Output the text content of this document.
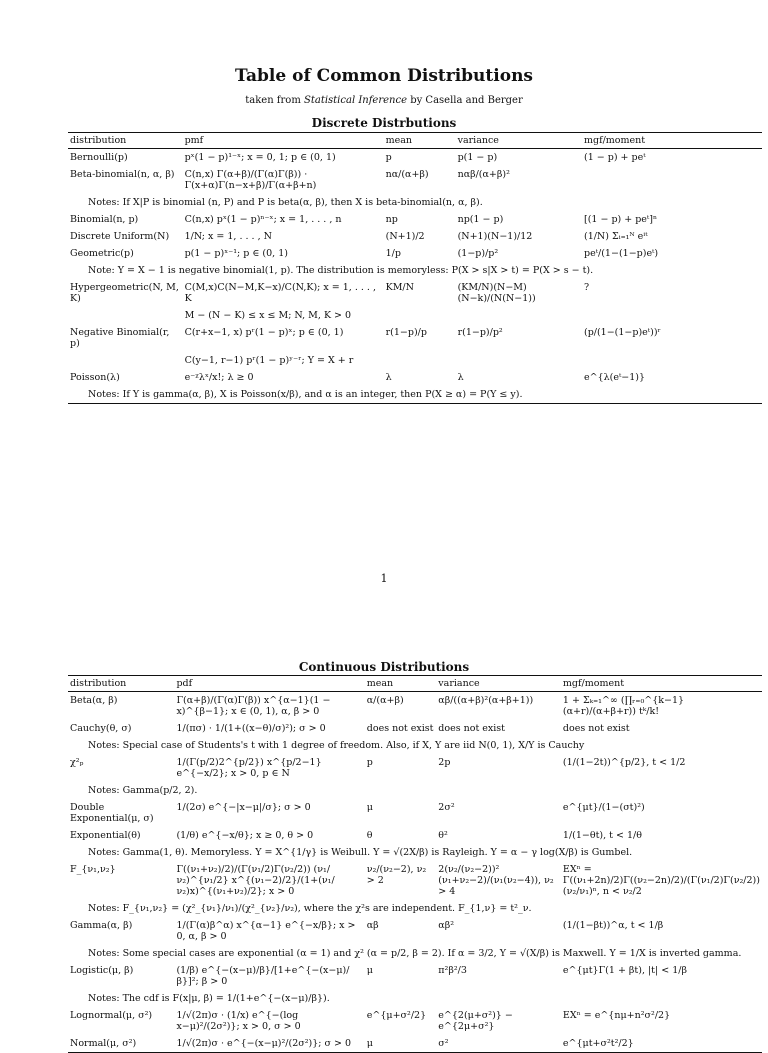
Table of Common Distributions
taken from Statistical Inference by Casella and Berger
Discrete Distrbutions
distribution	pmf	mean	variance	mgf/moment
Bernoulli(p)	pˣ(1 − p)¹⁻ˣ; x = 0, 1; p ∈ (0, 1)	p	p(1 − p)	(1 − p) + peᵗ
Beta-binomial(n, α, β)	C(n,x) Γ(α+β)/(Γ(α)Γ(β)) · Γ(x+α)Γ(n−x+β)/Γ(α+β+n)	nα/(α+β)	nαβ/(α+β)²	
Notes: If X|P is binomial (n, P) and P is beta(α, β), then X is beta-binomial(n, α, β).				
Binomial(n, p)	C(n,x) pˣ(1 − p)ⁿ⁻ˣ; x = 1, . . . , n	np	np(1 − p)	[(1 − p) + peᵗ]ⁿ
Discrete Uniform(N)	1/N; x = 1, . . . , N	(N+1)/2	(N+1)(N−1)/12	(1/N) Σᵢ₌₁ᴺ eⁱᵗ
Geometric(p)	p(1 − p)ˣ⁻¹; p ∈ (0, 1)	1/p	(1−p)/p²	peᵗ/(1−(1−p)eᵗ)
Note: Y = X − 1 is negative binomial(1, p). The distribution is memoryless: P(X > s|X > t) = P(X > s − t).				
Hypergeometric(N, M, K)	C(M,x)C(N−M,K−x)/C(N,K); x = 1, . . . , K	KM/N	(KM/N)(N−M)(N−k)/(N(N−1))	?
	M − (N − K) ≤ x ≤ M; N, M, K > 0			
Negative Binomial(r, p)	C(r+x−1, x) pʳ(1 − p)ˣ; p ∈ (0, 1)	r(1−p)/p	r(1−p)/p²	(p/(1−(1−p)eᵗ))ʳ
	C(y−1, r−1) pʳ(1 − p)ʸ⁻ʳ; Y = X + r			
Poisson(λ)	e⁻ᵡλˣ/x!; λ ≥ 0	λ	λ	e^{λ(eᵗ−1)}
Notes: If Y is gamma(α, β), X is Poisson(x/β), and α is an integer, then P(X ≥ α) = P(Y ≤ y).				
1
Continuous Distributions
distribution	pdf	mean	variance	mgf/moment
Beta(α, β)	Γ(α+β)/(Γ(α)Γ(β)) x^{α−1}(1 − x)^{β−1}; x ∈ (0, 1), α, β > 0	α/(α+β)	αβ/((α+β)²(α+β+1))	1 + Σₖ₌₁^∞ (∏ᵣ₌₀^{k−1} (α+r)/(α+β+r)) tᵏ/k!
Cauchy(θ, σ)	1/(πσ) · 1/(1+((x−θ)/σ)²); σ > 0	does not exist	does not exist	does not exist
Notes: Special case of Students's t with 1 degree of freedom. Also, if X, Y are iid N(0, 1), X/Y is Cauchy				
χ²ₚ	1/(Γ(p/2)2^{p/2}) x^{p/2−1} e^{−x/2}; x > 0, p ∈ N	p	2p	(1/(1−2t))^{p/2}, t < 1/2
Notes: Gamma(p/2, 2).				
Double Exponential(μ, σ)	1/(2σ) e^{−|x−μ|/σ}; σ > 0	μ	2σ²	e^{μt}/(1−(σt)²)
Exponential(θ)	(1/θ) e^{−x/θ}; x ≥ 0, θ > 0	θ	θ²	1/(1−θt), t < 1/θ
Notes: Gamma(1, θ). Memoryless. Y = X^{1/γ} is Weibull. Y = √(2X/β) is Rayleigh. Y = α − γ log(X/β) is Gumbel.				
F_{ν₁,ν₂}	Γ((ν₁+ν₂)/2)/(Γ(ν₁/2)Γ(ν₂/2)) (ν₁/ν₂)^{ν₁/2} x^{(ν₁−2)/2}/(1+(ν₁/ν₂)x)^{(ν₁+ν₂)/2}; x > 0	ν₂/(ν₂−2), ν₂ > 2	2(ν₂/(ν₂−2))² (ν₁+ν₂−2)/(ν₁(ν₂−4)), ν₂ > 4	EXⁿ = Γ((ν₁+2n)/2)Γ((ν₂−2n)/2)/(Γ(ν₁/2)Γ(ν₂/2)) (ν₂/ν₁)ⁿ, n < ν₂/2
Notes: F_{ν₁,ν₂} = (χ²_{ν₁}/ν₁)/(χ²_{ν₂}/ν₂), where the χ²s are independent. F_{1,ν} = t²_ν.				
Gamma(α, β)	1/(Γ(α)β^α) x^{α−1} e^{−x/β}; x > 0, α, β > 0	αβ	αβ²	(1/(1−βt))^α, t < 1/β
Notes: Some special cases are exponential (α = 1) and χ² (α = p/2, β = 2). If α = 3/2, Y = √(X/β) is Maxwell. Y = 1/X is inverted gamma.				
Logistic(μ, β)	(1/β) e^{−(x−μ)/β}/[1+e^{−(x−μ)/β}]²; β > 0	μ	π²β²/3	e^{μt}Γ(1 + βt), |t| < 1/β
Notes: The cdf is F(x|μ, β) = 1/(1+e^{−(x−μ)/β}).				
Lognormal(μ, σ²)	1/√(2π)σ · (1/x) e^{−(log x−μ)²/(2σ²)}; x > 0, σ > 0	e^{μ+σ²/2}	e^{2(μ+σ²)} − e^{2μ+σ²}	EXⁿ = e^{nμ+n²σ²/2}
Normal(μ, σ²)	1/√(2π)σ · e^{−(x−μ)²/(2σ²)}; σ > 0	μ	σ²	e^{μt+σ²t²/2}
